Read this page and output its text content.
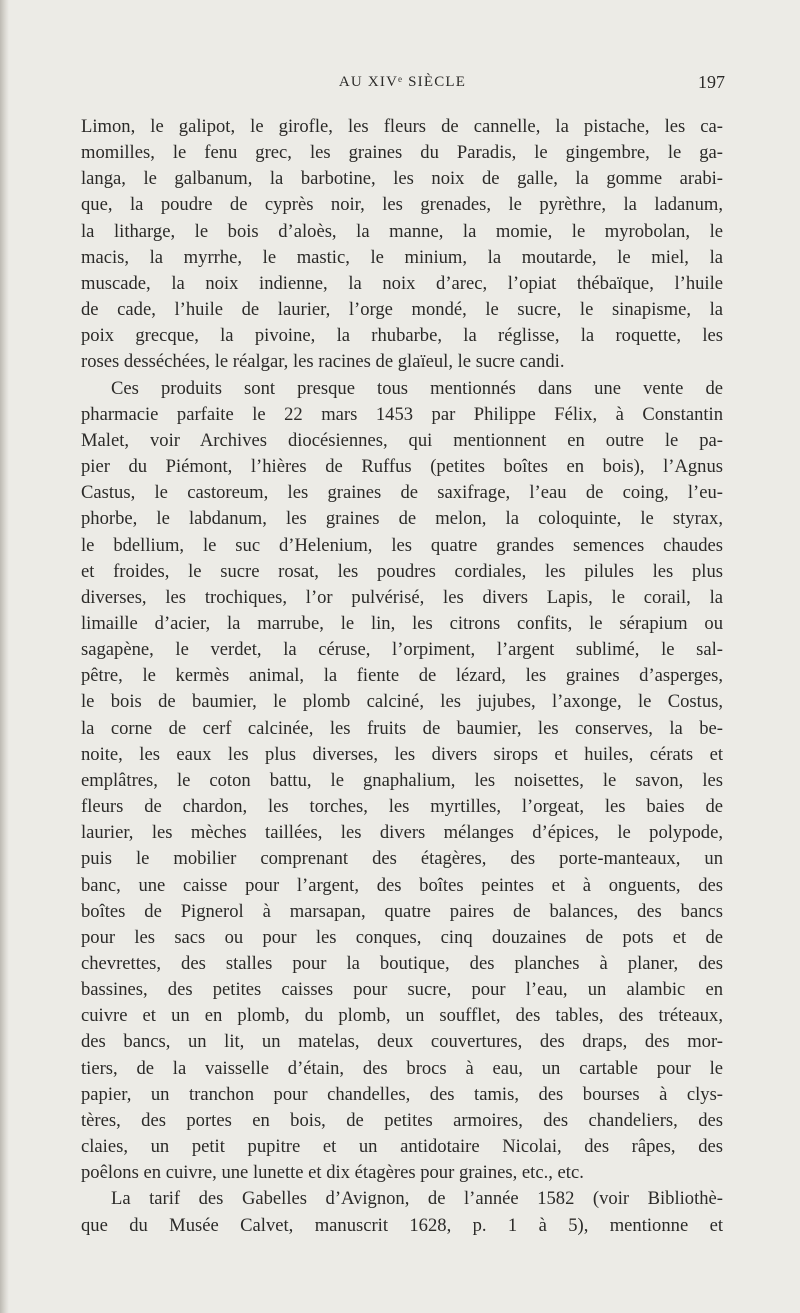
AU XIVᵉ SIÈCLE	197
Limon, le galipot, le girofle, les fleurs de cannelle, la pistache, les ca-
momilles, le fenu grec, les graines du Paradis, le gingembre, le ga-
langa, le galbanum, la barbotine, les noix de galle, la gomme arabi-
que, la poudre de cyprès noir, les grenades, le pyrèthre, la ladanum,
la litharge, le bois d’aloès, la manne, la momie, le myrobolan, le
macis, la myrrhe, le mastic, le minium, la moutarde, le miel, la
muscade, la noix indienne, la noix d’arec, l’opiat thébaïque, l’huile
de cade, l’huile de laurier, l’orge mondé, le sucre, le sinapisme, la
poix grecque, la pivoine, la rhubarbe, la réglisse, la roquette, les
roses desséchées, le réalgar, les racines de glaïeul, le sucre candi.
Ces produits sont presque tous mentionnés dans une vente de
pharmacie parfaite le 22 mars 1453 par Philippe Félix, à Constantin
Malet, voir Archives diocésiennes, qui mentionnent en outre le pa-
pier du Piémont, l’hières de Ruffus (petites boîtes en bois), l’Agnus
Castus, le castoreum, les graines de saxifrage, l’eau de coing, l’eu-
phorbe, le labdanum, les graines de melon, la coloquinte, le styrax,
le bdellium, le suc d’Helenium, les quatre grandes semences chaudes
et froides, le sucre rosat, les poudres cordiales, les pilules les plus
diverses, les trochiques, l’or pulvérisé, les divers Lapis, le corail, la
limaille d’acier, la marrube, le lin, les citrons confits, le sérapium ou
sagapène, le verdet, la céruse, l’orpiment, l’argent sublimé, le sal-
pêtre, le kermès animal, la fiente de lézard, les graines d’asperges,
le bois de baumier, le plomb calciné, les jujubes, l’axonge, le Costus,
la corne de cerf calcinée, les fruits de baumier, les conserves, la be-
noite, les eaux les plus diverses, les divers sirops et huiles, cérats et
emplâtres, le coton battu, le gnaphalium, les noisettes, le savon, les
fleurs de chardon, les torches, les myrtilles, l’orgeat, les baies de
laurier, les mèches taillées, les divers mélanges d’épices, le polypode,
puis le mobilier comprenant des étagères, des porte-manteaux, un
banc, une caisse pour l’argent, des boîtes peintes et à onguents, des
boîtes de Pignerol à marsapan, quatre paires de balances, des bancs
pour les sacs ou pour les conques, cinq douzaines de pots et de
chevrettes, des stalles pour la boutique, des planches à planer, des
bassines, des petites caisses pour sucre, pour l’eau, un alambic en
cuivre et un en plomb, du plomb, un soufflet, des tables, des tréteaux,
des bancs, un lit, un matelas, deux couvertures, des draps, des mor-
tiers, de la vaisselle d’étain, des brocs à eau, un cartable pour le
papier, un tranchon pour chandelles, des tamis, des bourses à clys-
tères, des portes en bois, de petites armoires, des chandeliers, des
claies, un petit pupitre et un antidotaire Nicolai, des râpes, des
poêlons en cuivre, une lunette et dix étagères pour graines, etc., etc.
La tarif des Gabelles d’Avignon, de l’année 1582 (voir Bibliothè-
que du Musée Calvet, manuscrit 1628, p. 1 à 5), mentionne et
